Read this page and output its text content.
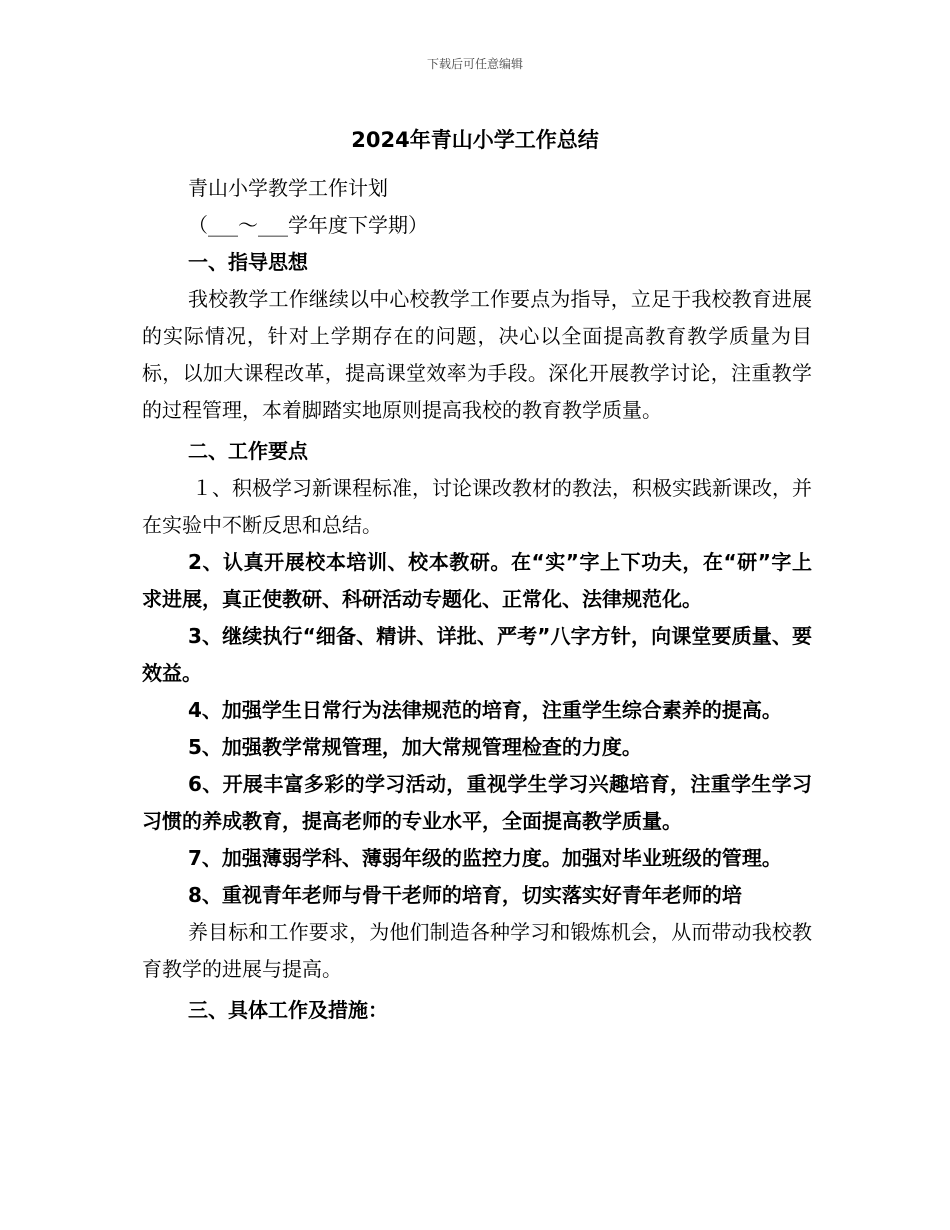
下载后可任意编辑
2024年青山小学工作总结

青山小学教学工作计划

（___～___学年度下学期）

一、指导思想

我校教学工作继续以中心校教学工作要点为指导，立足于我校教育进展的实际情况，针对上学期存在的问题，决心以全面提高教育教学质量为目标，以加大课程改革，提高课堂效率为手段。深化开展教学讨论，注重教学的过程管理，本着脚踏实地原则提高我校的教育教学质量。

二、工作要点

１、积极学习新课程标准，讨论课改教材的教法，积极实践新课改，并在实验中不断反思和总结。

2、认真开展校本培训、校本教研。在“实”字上下功夫，在“研”字上求进展，真正使教研、科研活动专题化、正常化、法律规范化。

3、继续执行“细备、精讲、详批、严考”八字方针，向课堂要质量、要效益。

4、加强学生日常行为法律规范的培育，注重学生综合素养的提高。

5、加强教学常规管理，加大常规管理检查的力度。

6、开展丰富多彩的学习活动，重视学生学习兴趣培育，注重学生学习习惯的养成教育，提高老师的专业水平，全面提高教学质量。

7、加强薄弱学科、薄弱年级的监控力度。加强对毕业班级的管理。

8、重视青年老师与骨干老师的培育，切实落实好青年老师的培

养目标和工作要求，为他们制造各种学习和锻炼机会，从而带动我校教育教学的进展与提高。

三、具体工作及措施：
